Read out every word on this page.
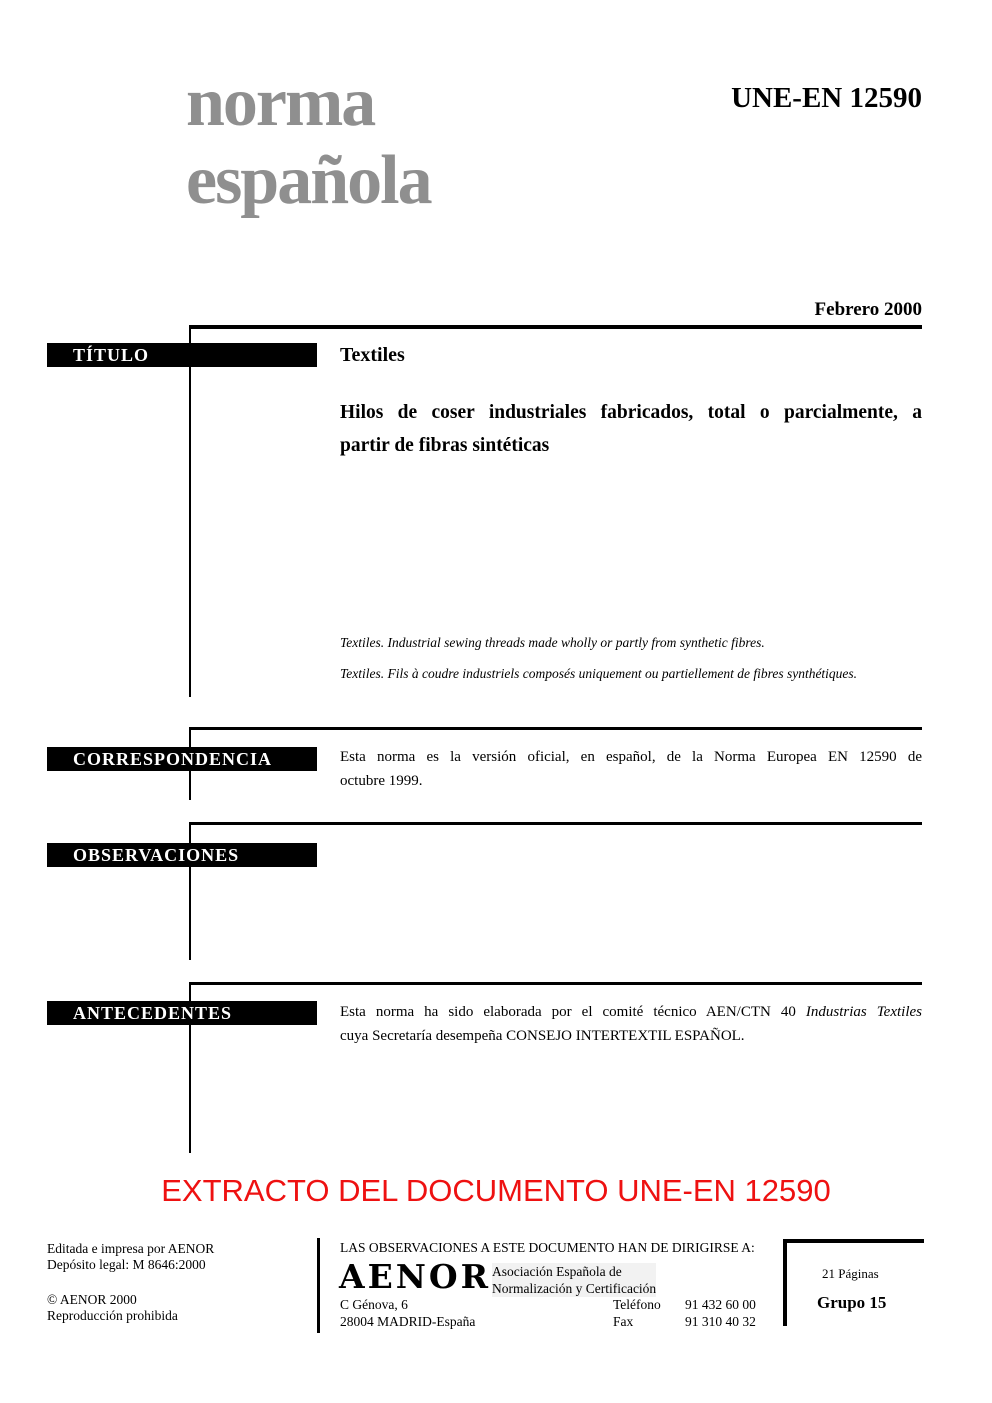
norma
española
UNE-EN 12590
Febrero 2000
TÍTULO
CORRESPONDENCIA
OBSERVACIONES
ANTECEDENTES
Textiles
Hilos de coser industriales fabricados, total o parcialmente, a
partir de fibras sintéticas
Textiles. Industrial sewing threads made wholly or partly from synthetic fibres.
Textiles. Fils à coudre industriels composés uniquement ou partiellement de fibres synthétiques.
Esta norma es la versión oficial, en español, de la Norma Europea EN 12590 de
octubre 1999.
Esta norma ha sido elaborada por el comité técnico AEN/CTN 40 Industrias Textiles
cuya Secretaría desempeña CONSEJO INTERTEXTIL ESPAÑOL.
EXTRACTO DEL DOCUMENTO UNE-EN 12590
Editada e impresa por AENOR
Depósito legal: M 8646:2000
© AENOR 2000
Reproducción prohibida
LAS OBSERVACIONES A ESTE DOCUMENTO HAN DE DIRIGIRSE A:
AENOR Asociación Española de
Normalización y Certificación
C Génova, 6
28004 MADRID-España
Teléfono	91 432 60 00
Fax	91 310 40 32
21 Páginas
Grupo 15
